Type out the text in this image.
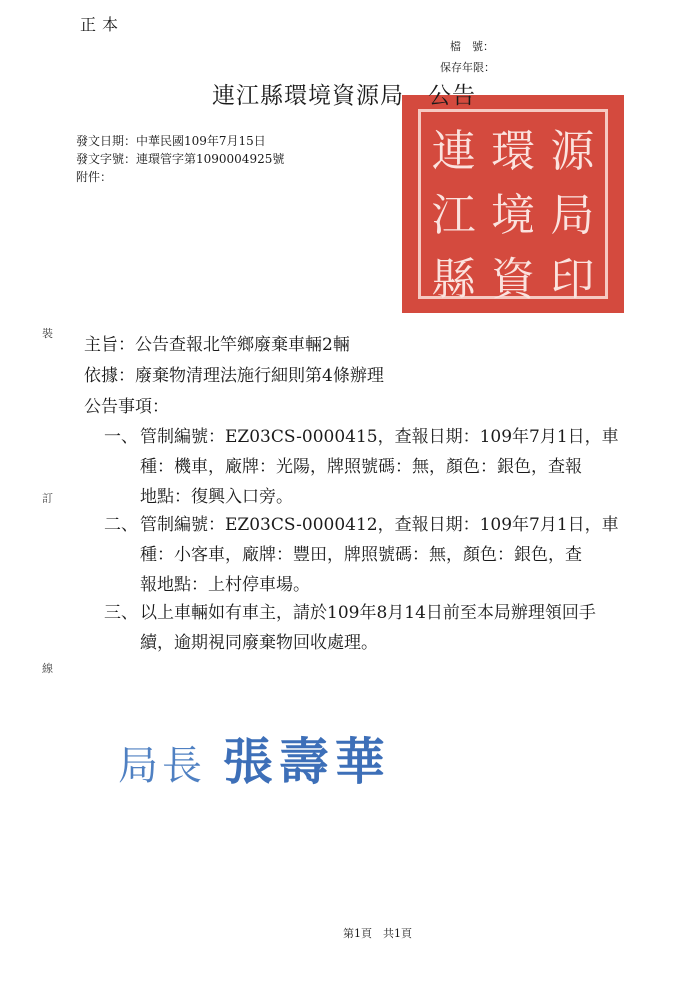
正本
檔　號：
保存年限：
連 環 源
江 境 局
縣 資 印
連江縣環境資源局　公告
發文日期：中華民國109年7月15日
發文字號：連環管字第1090004925號
附件：
裝
訂
線
主旨：公告查報北竿鄉廢棄車輛2輛
依據：廢棄物清理法施行細則第4條辦理
公告事項：
一、 管制編號：EZ03CS-0000415，查報日期：109年7月1日，車
種：機車，廠牌：光陽，牌照號碼：無，顏色：銀色，查報
地點：復興入口旁。
二、 管制編號：EZ03CS-0000412，查報日期：109年7月1日，車
種：小客車，廠牌：豐田，牌照號碼：無，顏色：銀色，查
報地點：上村停車場。
三、 以上車輛如有車主，請於109年8月14日前至本局辦理領回手
續，逾期視同廢棄物回收處理。
局長 張壽華
第1頁　共1頁
